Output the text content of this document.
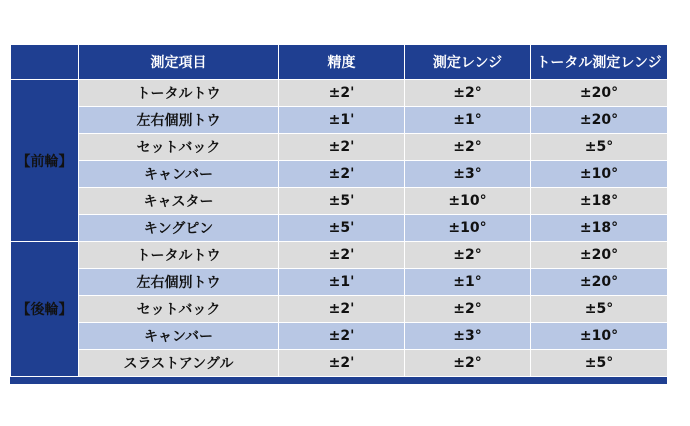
	測定項目	精度	測定レンジ	トータル測定レンジ
【前輪】	トータルトウ	±2'	±2°	±20°
	左右個別トウ	±1'	±1°	±20°
	セットバック	±2'	±2°	±5°
	キャンバー	±2'	±3°	±10°
	キャスター	±5'	±10°	±18°
	キングピン	±5'	±10°	±18°
【後輪】	トータルトウ	±2'	±2°	±20°
	左右個別トウ	±1'	±1°	±20°
	セットバック	±2'	±2°	±5°
	キャンバー	±2'	±3°	±10°
	スラストアングル	±2'	±2°	±5°
